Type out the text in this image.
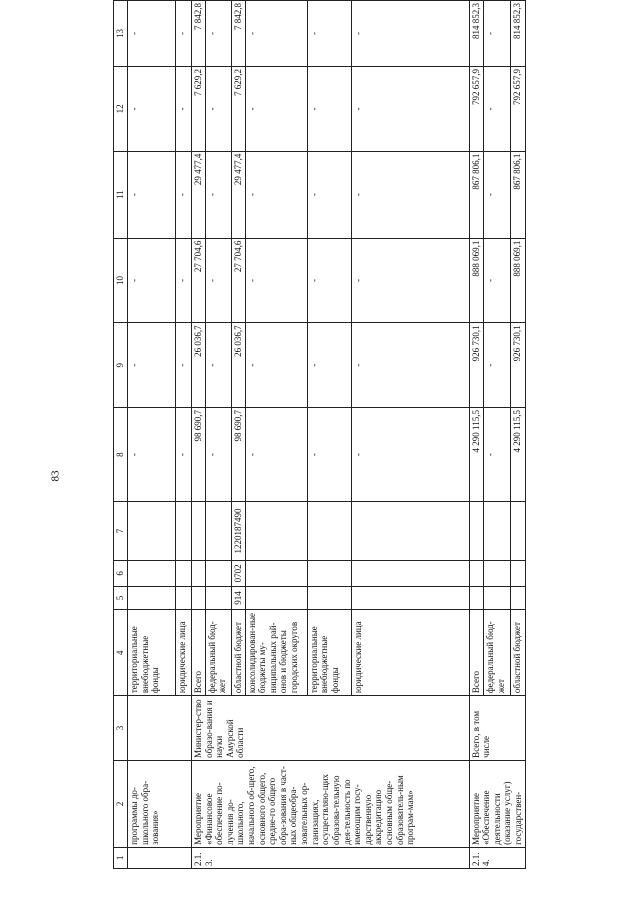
83
1	2	3	4	5	6	7	8	9	10	11	12	13
	программы до-школьного обра-зования»		территориальные внебюджетные фонды				-	-	-	-	-	-
			юридические лица				-	-	-	-	-	-
2.1.3.	Мероприятие «Финансовое обеспечение по-лучения до-школьного, начального об-щего, основного общего, средне-го общего обра-зования в част-ных общеобра-зовательных ор-ганизациях, осуществляю-щих образова-тельную дея-тельность по имеющим госу-дарственную аккредитацию основным обще-образователь-ным програм-мам»	Министер-ство образо-вания и науки Амурской области	Всего				98 690,7	26 036,7	27 704,6	29 477,4	7 629,2	7 842,8
			федеральный бюд-жет				-	-	-	-	-	-
			областной бюджет	914	0702	1220187490	98 690,7	26 036,7	27 704,6	29 477,4	7 629,2	7 842,8
			консолидирован-ные бюджеты му-ниципальных рай-онов и бюджеты городских округов				-	-	-	-	-	-
			территориальные внебюджетные фонды				-	-	-	-	-	-
			юридические лица				-	-	-	-	-	-
2.1.4.	Мероприятие «Обеспечение деятельности (оказание услуг) государствен-	Всего, в том числе	Всего				4 290 115,5	926 730,1	888 069,1	867 806,1	792 657,9	814 852,3
			федеральный бюд-жет				-	-	-	-	-	-
			областной бюджет				4 290 115,5	926 730,1	888 069,1	867 806,1	792 657,9	814 852,3
